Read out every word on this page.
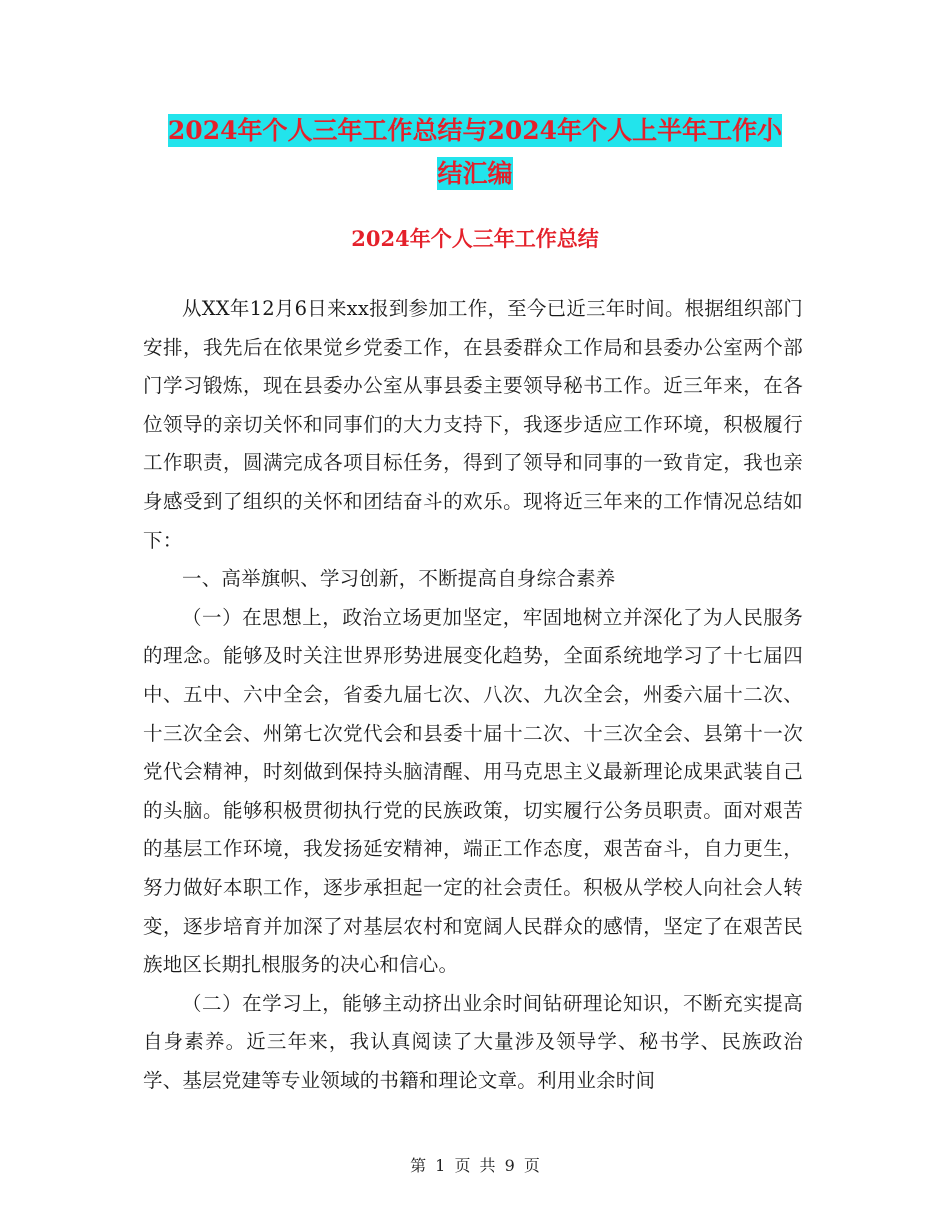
2024年个人三年工作总结与2024年个人上半年工作小
结汇编
2024年个人三年工作总结

从XX年12月6日来xx报到参加工作，至今已近三年时间。根据组织部门安排，我先后在依果觉乡党委工作，在县委群众工作局和县委办公室两个部门学习锻炼，现在县委办公室从事县委主要领导秘书工作。近三年来，在各位领导的亲切关怀和同事们的大力支持下，我逐步适应工作环境，积极履行工作职责，圆满完成各项目标任务，得到了领导和同事的一致肯定，我也亲身感受到了组织的关怀和团结奋斗的欢乐。现将近三年来的工作情况总结如下：

一、高举旗帜、学习创新，不断提高自身综合素养

（一）在思想上，政治立场更加坚定，牢固地树立并深化了为人民服务的理念。能够及时关注世界形势进展变化趋势，全面系统地学习了十七届四中、五中、六中全会，省委九届七次、八次、九次全会，州委六届十二次、十三次全会、州第七次党代会和县委十届十二次、十三次全会、县第十一次党代会精神，时刻做到保持头脑清醒、用马克思主义最新理论成果武装自己的头脑。能够积极贯彻执行党的民族政策，切实履行公务员职责。面对艰苦的基层工作环境，我发扬延安精神，端正工作态度，艰苦奋斗，自力更生，努力做好本职工作，逐步承担起一定的社会责任。积极从学校人向社会人转变，逐步培育并加深了对基层农村和宽阔人民群众的感情，坚定了在艰苦民族地区长期扎根服务的决心和信心。

（二）在学习上，能够主动挤出业余时间钻研理论知识，不断充实提高自身素养。近三年来，我认真阅读了大量涉及领导学、秘书学、民族政治学、基层党建等专业领域的书籍和理论文章。利用业余时间

第 1 页 共 9 页
